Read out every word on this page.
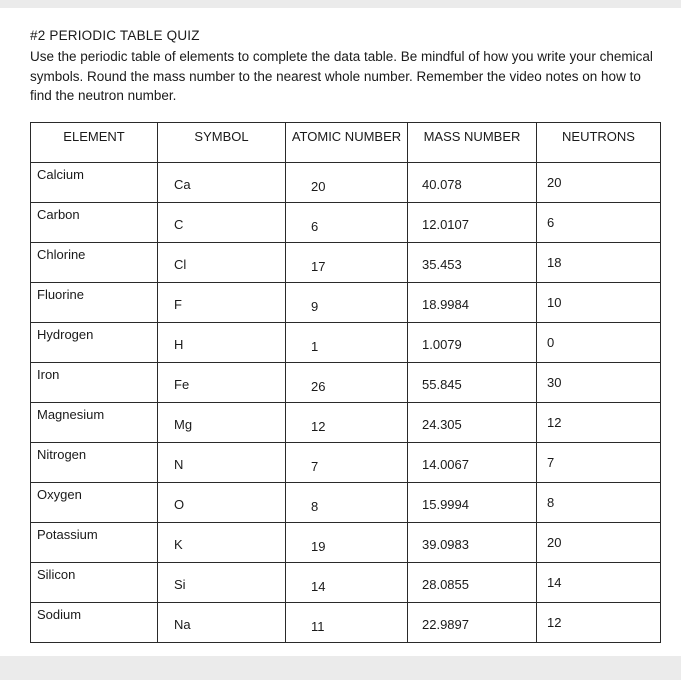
#2 PERIODIC TABLE QUIZ
Use the periodic table of elements to complete the data table. Be mindful of how you write your chemical symbols. Round the mass number to the nearest whole number. Remember the video notes on how to find the neutron number.
ELEMENT	SYMBOL	ATOMIC NUMBER	MASS NUMBER	NEUTRONS
Calcium	Ca	20	40.078	20
Carbon	C	6	12.0107	6
Chlorine	Cl	17	35.453	18
Fluorine	F	9	18.9984	10
Hydrogen	H	1	1.0079	0
Iron	Fe	26	55.845	30
Magnesium	Mg	12	24.305	12
Nitrogen	N	7	14.0067	7
Oxygen	O	8	15.9994	8
Potassium	K	19	39.0983	20
Silicon	Si	14	28.0855	14
Sodium	Na	11	22.9897	12
